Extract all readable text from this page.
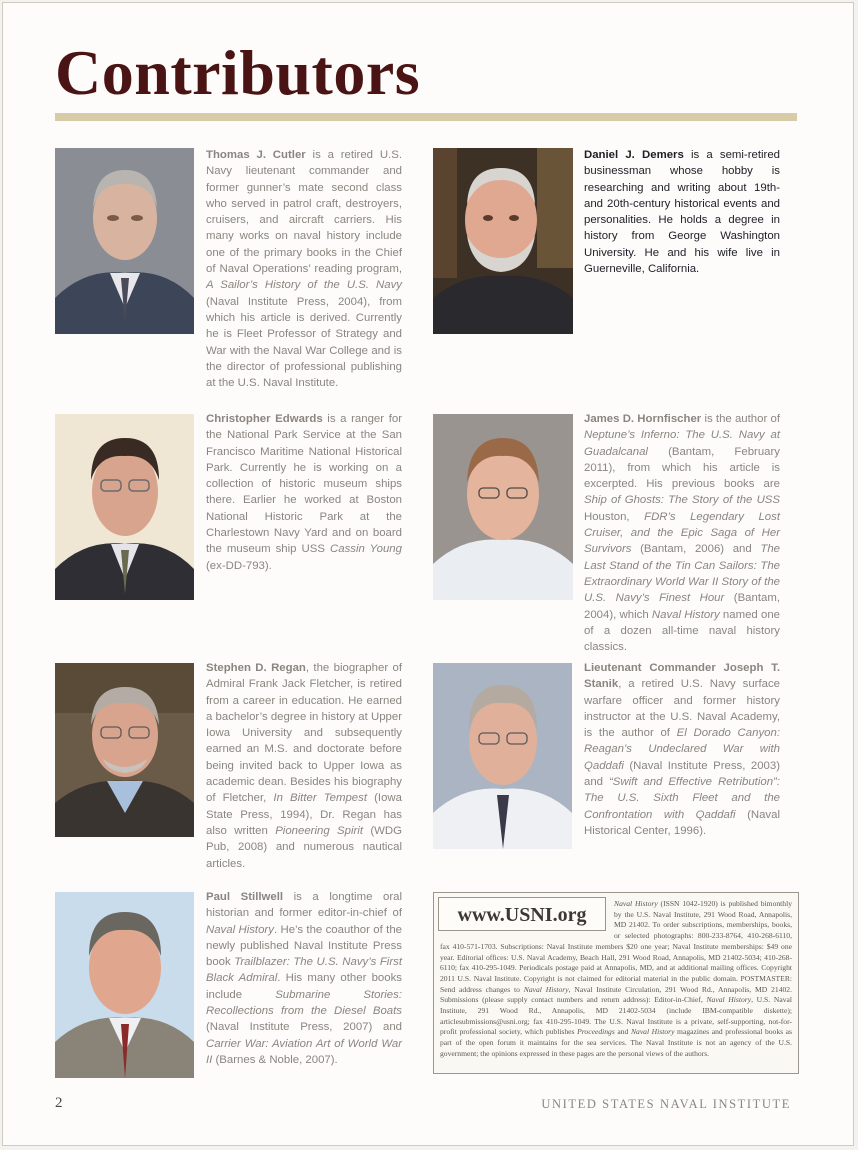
Contributors
Thomas J. Cutler is a retired U.S. Navy lieutenant commander and former gunner’s mate second class who served in patrol craft, destroyers, cruisers, and aircraft carriers. His many works on naval history include one of the primary books in the Chief of Naval Operations’ reading program, A Sailor’s History of the U.S. Navy (Naval Institute Press, 2004), from which his article is derived. Currently he is Fleet Professor of Strategy and War with the Naval War College and is the director of professional publishing at the U.S. Naval Institute.
Daniel J. Demers is a semi-retired businessman whose hobby is researching and writing about 19th- and 20th-century historical events and personalities. He holds a degree in history from George Washington University. He and his wife live in Guerneville, California.
Christopher Edwards is a ranger for the National Park Service at the San Francisco Maritime National Historical Park. Currently he is working on a collection of historic museum ships there. Earlier he worked at Boston National Historic Park at the Charlestown Navy Yard and on board the museum ship USS Cassin Young (ex-DD-793).
James D. Hornfischer is the author of Neptune’s Inferno: The U.S. Navy at Guadalcanal (Bantam, February 2011), from which his article is excerpted. His previous books are Ship of Ghosts: The Story of the USS Houston, FDR’s Legendary Lost Cruiser, and the Epic Saga of Her Survivors (Bantam, 2006) and The Last Stand of the Tin Can Sailors: The Extraordinary World War II Story of the U.S. Navy’s Finest Hour (Bantam, 2004), which Naval History named one of a dozen all-time naval history classics.
Stephen D. Regan, the biographer of Admiral Frank Jack Fletcher, is retired from a career in education. He earned a bachelor’s degree in history at Upper Iowa University and subsequently earned an M.S. and doctorate before being invited back to Upper Iowa as academic dean. Besides his biography of Fletcher, In Bitter Tempest (Iowa State Press, 1994), Dr. Regan has also written Pioneering Spirit (WDG Pub, 2008) and numerous nautical articles.
Lieutenant Commander Joseph T. Stanik, a retired U.S. Navy surface warfare officer and former history instructor at the U.S. Naval Academy, is the author of El Dorado Canyon: Reagan’s Undeclared War with Qaddafi (Naval Institute Press, 2003) and “Swift and Effective Retribution”: The U.S. Sixth Fleet and the Confrontation with Qaddafi (Naval Historical Center, 1996).
Paul Stillwell is a longtime oral historian and former editor-in-chief of Naval History. He’s the coauthor of the newly published Naval Institute Press book Trailblazer: The U.S. Navy’s First Black Admiral. His many other books include Submarine Stories: Recollections from the Diesel Boats (Naval Institute Press, 2007) and Carrier War: Aviation Art of World War II (Barnes & Noble, 2007).
Naval History (ISSN 1042-1920) is published bimonthly by the U.S. Naval Institute, 291 Wood Road, Annapolis, MD 21402. To order subscriptions, memberships, books, or selected photographs: 800-233-8764, 410-268-6110, fax 410-571-1703. Subscriptions: Naval Institute members $20 one year; Naval Institute memberships: $49 one year. Editorial offices: U.S. Naval Academy, Beach Hall, 291 Wood Road, Annapolis, MD 21402-5034; 410-268-6110; fax 410-295-1049. Periodicals postage paid at Annapolis, MD, and at additional mailing offices. Copyright 2011 U.S. Naval Institute. Copyright is not claimed for editorial material in the public domain. POSTMASTER: Send address changes to Naval History, Naval Institute Circulation, 291 Wood Rd., Annapolis, MD 21402. Submissions (please supply contact numbers and return address): Editor-in-Chief, Naval History, U.S. Naval Institute, 291 Wood Rd., Annapolis, MD 21402-5034 (include IBM-compatible diskette); articlesubmissions@usni.org; fax 410-295-1049. The U.S. Naval Institute is a private, self-supporting, not-for-profit professional society, which publishes Proceedings and Naval History magazines and professional books as part of the open forum it maintains for the sea services. The Naval Institute is not an agency of the U.S. government; the opinions expressed in these pages are the personal views of the authors.
www.USNI.org
2	UNITED STATES NAVAL INSTITUTE
